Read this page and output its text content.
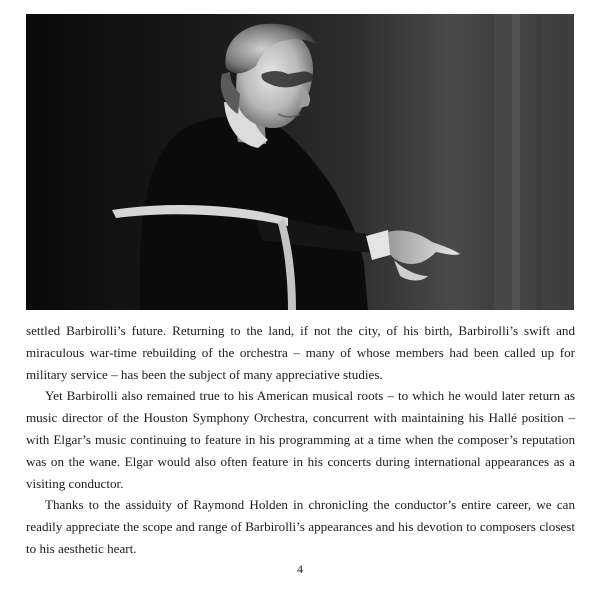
settled Barbirolli’s future. Returning to the land, if not the city, of his birth, Barbirolli’s swift and miraculous war-time rebuilding of the orchestra – many of whose members had been called up for military service – has been the subject of many appreciative studies.

Yet Barbirolli also remained true to his American musical roots – to which he would later return as music director of the Houston Symphony Orchestra, concurrent with maintaining his Hallé position – with Elgar’s music continuing to feature in his programming at a time when the composer’s reputation was on the wane. Elgar would also often feature in his concerts during international appearances as a visiting conductor.

Thanks to the assiduity of Raymond Holden in chronicling the conductor’s entire career, we can readily appreciate the scope and range of Barbirolli’s appearances and his devotion to composers closest to his aesthetic heart.

4
